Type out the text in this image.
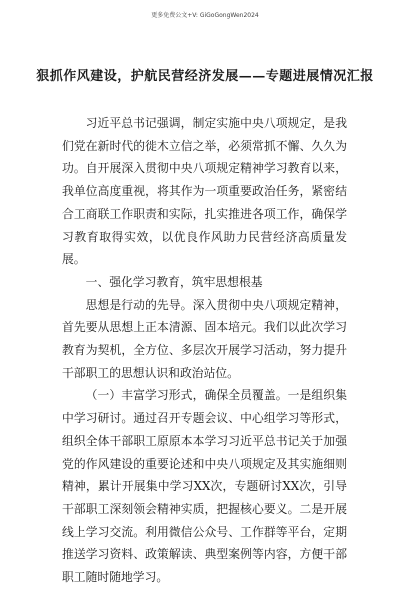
更多免费公文+V: GiGoGongWen2024
狠抓作风建设，护航民营经济发展——专题进展情况汇报

习近平总书记强调，制定实施中央八项规定，是我们党在新时代的徙木立信之举，必须常抓不懈、久久为功。自开展深入贯彻中央八项规定精神学习教育以来，我单位高度重视，将其作为一项重要政治任务，紧密结合工商联工作职责和实际，扎实推进各项工作，确保学习教育取得实效，以优良作风助力民营经济高质量发展。

一、强化学习教育，筑牢思想根基

思想是行动的先导。深入贯彻中央八项规定精神，首先要从思想上正本清源、固本培元。我们以此次学习教育为契机，全方位、多层次开展学习活动，努力提升干部职工的思想认识和政治站位。

（一）丰富学习形式，确保全员覆盖。一是组织集中学习研讨。通过召开专题会议、中心组学习等形式，组织全体干部职工原原本本学习习近平总书记关于加强党的作风建设的重要论述和中央八项规定及其实施细则精神，累计开展集中学习XX次，专题研讨XX次，引导干部职工深刻领会精神实质，把握核心要义。二是开展线上学习交流。利用微信公众号、工作群等平台，定期推送学习资料、政策解读、典型案例等内容，方便干部职工随时随地学习。
